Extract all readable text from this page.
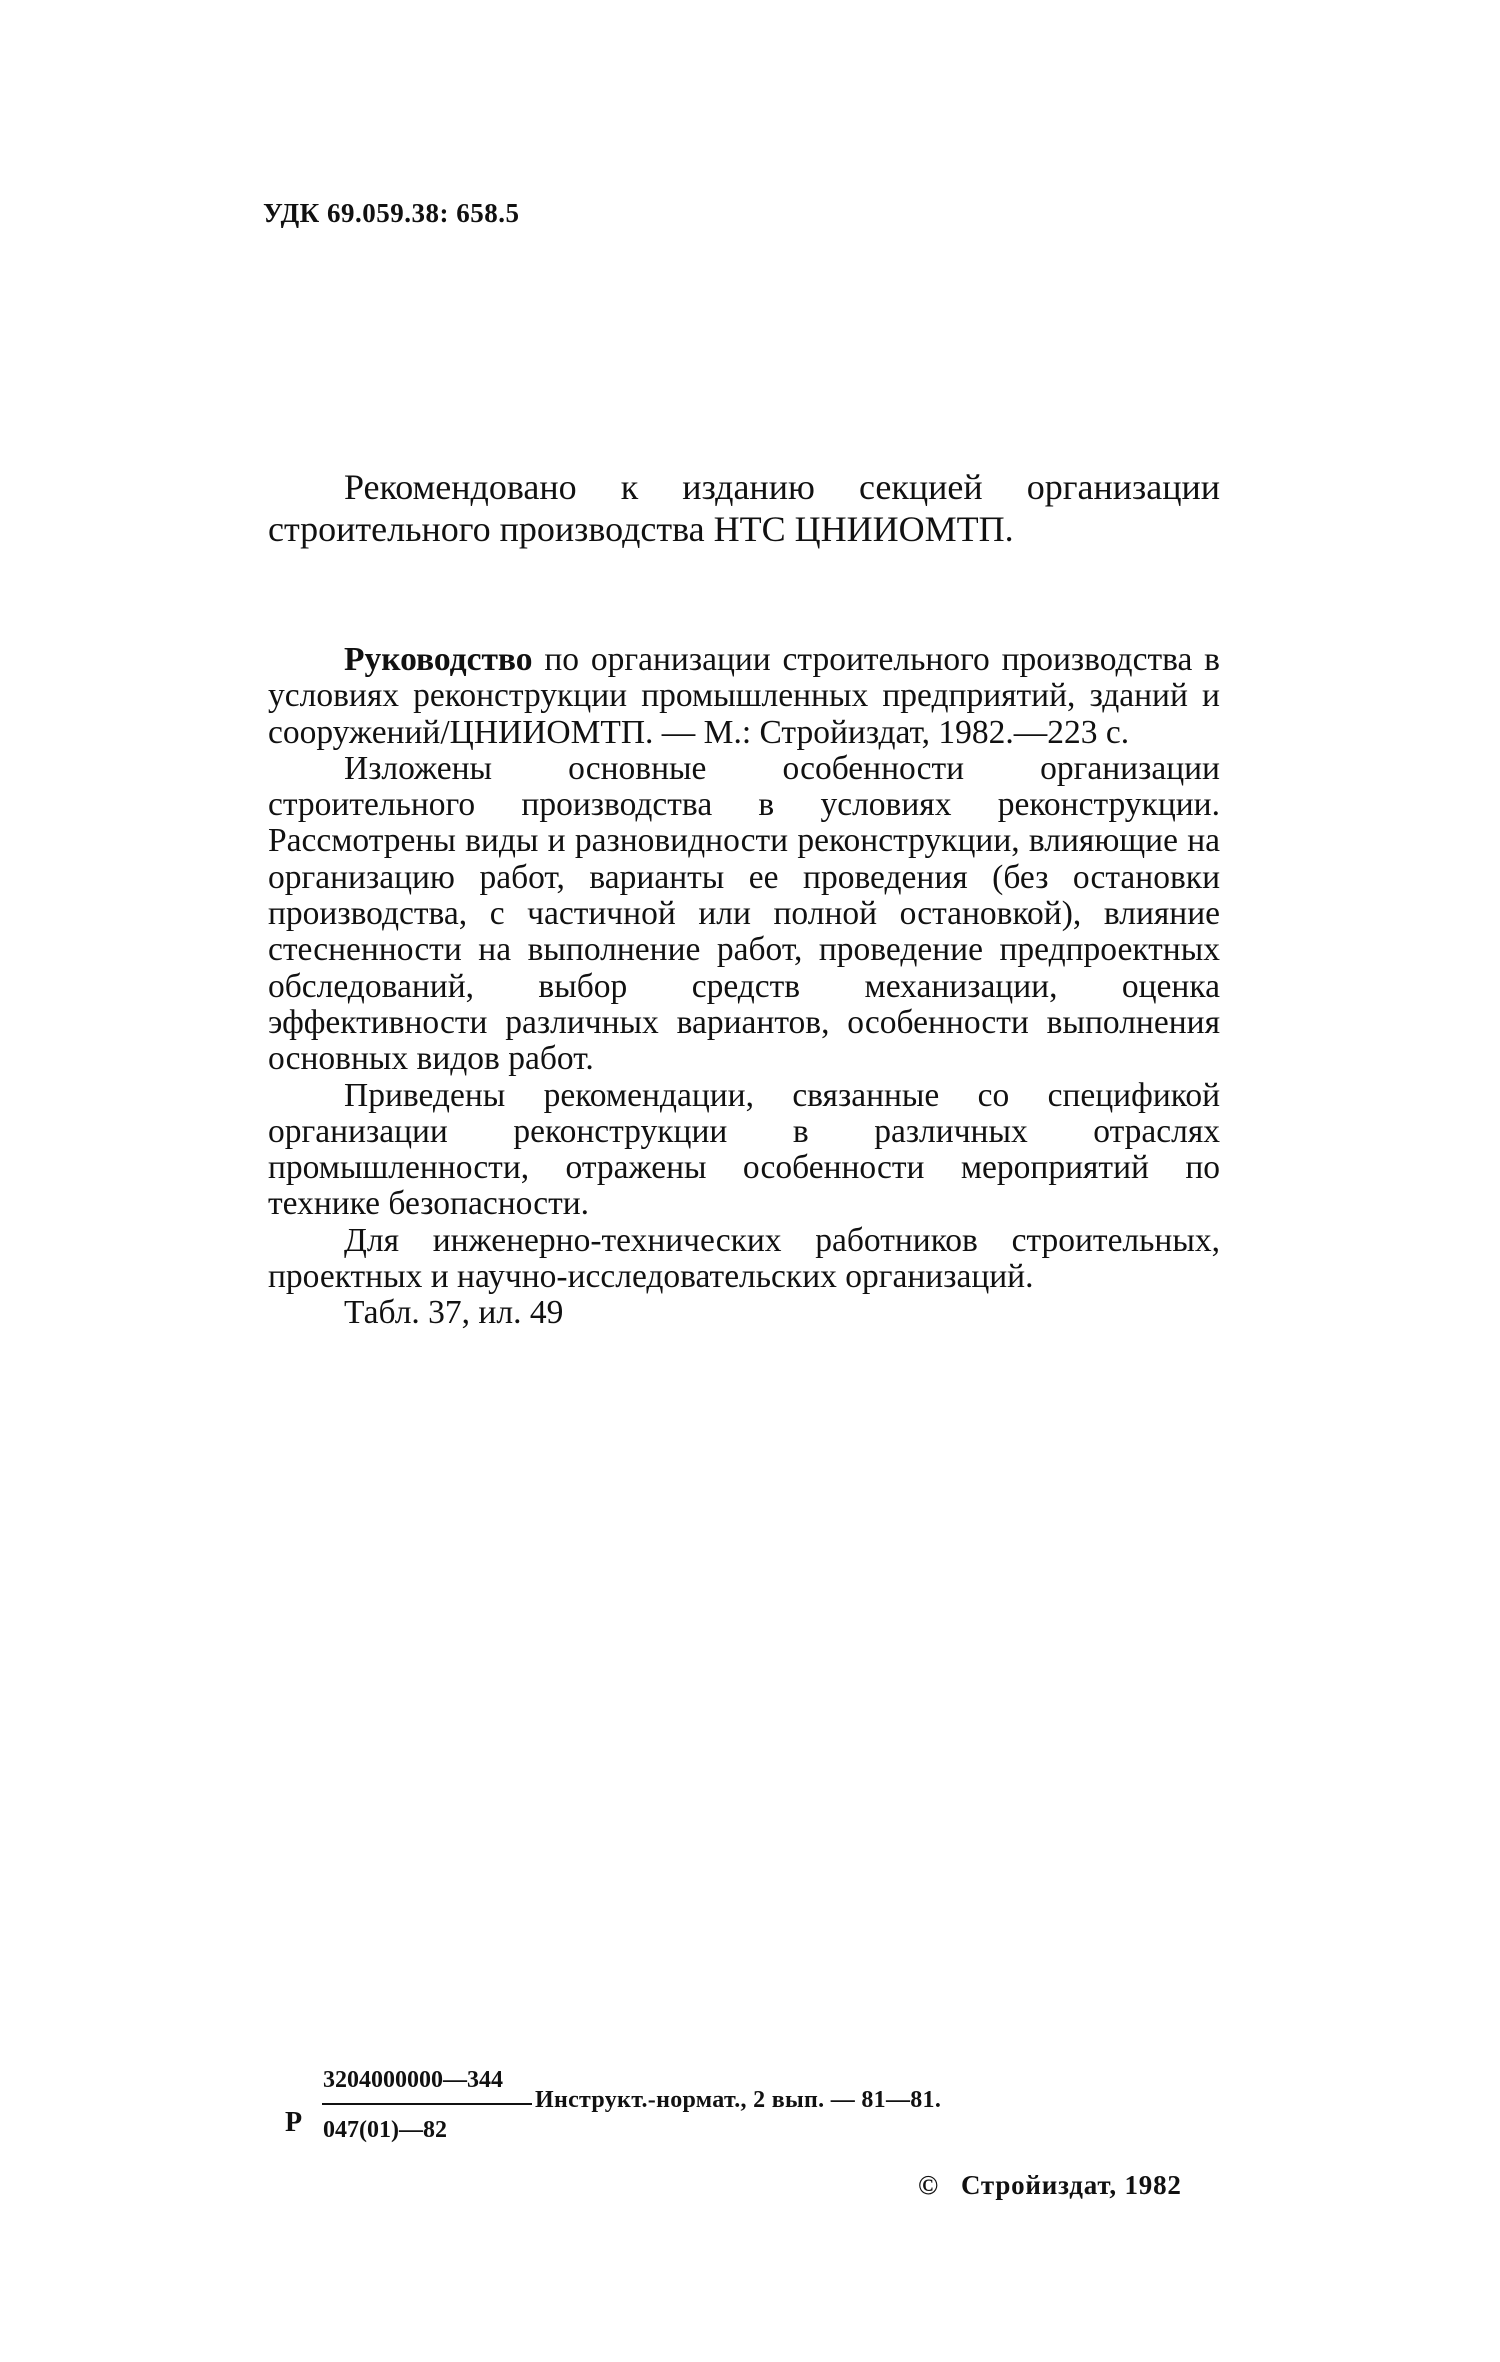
УДК 69.059.38: 658.5

Рекомендовано к изданию секцией организации строительного производства НТС ЦНИИОМТП.

Руководство по организации строительного производства в условиях реконструкции промышленных предприятий, зданий и сооружений/ЦНИИОМТП. — М.: Стройиздат, 1982.—223 с.

Изложены основные особенности организации строительного производства в условиях реконструкции. Рассмотрены виды и разновидности реконструкции, влияющие на организацию работ, варианты ее проведения (без остановки производства, с частичной или полной остановкой), влияние стесненности на выполнение работ, проведение предпроектных обследований, выбор средств механизации, оценка эффективности различных вариантов, особенности выполнения основных видов работ.

Приведены рекомендации, связанные со спецификой организации реконструкции в различных отраслях промышленности, отражены особенности мероприятий по технике безопасности.

Для инженерно-технических работников строительных, проектных и научно-исследовательских организаций.

Табл. 37, ил. 49

Р
3204000000—344
047(01)—82
Инструкт.-нормат., 2 вып. — 81—81.
© Стройиздат, 1982
